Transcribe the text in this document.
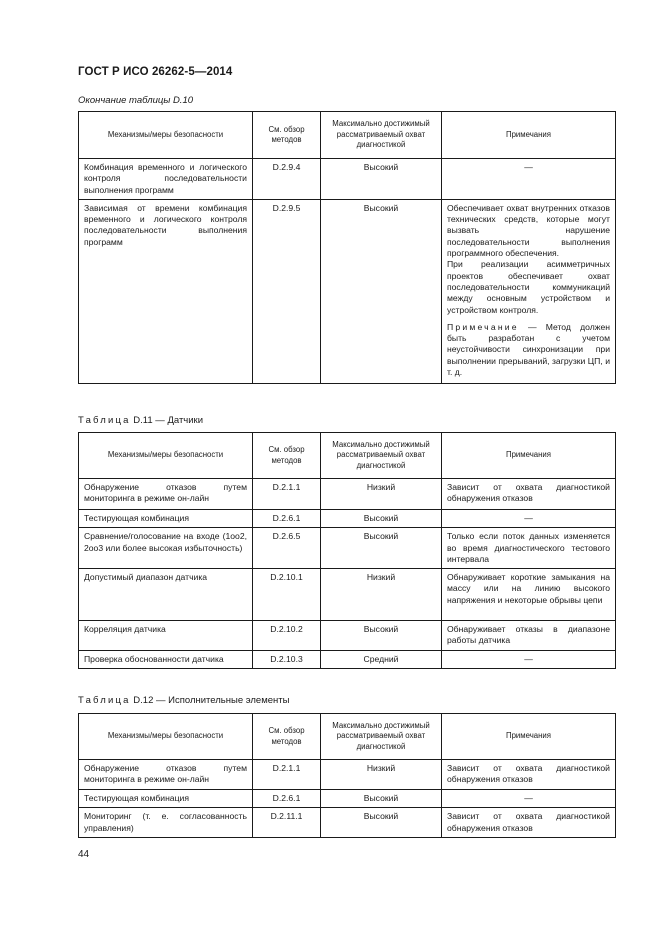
ГОСТ Р ИСО 26262-5—2014
Окончание таблицы D.10
Механизмы/меры безопасности	См. обзор методов	Максимально достижимый рассматриваемый охват диагностикой	Примечания
Комбинация временного и логического контроля последовательности выполнения программ	D.2.9.4	Высокий	—
Зависимая от времени комбинация временного и логического контроля последовательности выполнения программ	D.2.9.5	Высокий	Обеспечивает охват внутренних отказов технических средств, которые могут вызвать нарушение последовательности выполнения программного обеспечения.
При реализации асимметричных проектов обеспечивает охват последовательности коммуникаций между основным устройством и устройством контроля.
Примечание — Метод должен быть разработан с учетом неустойчивости синхронизации при выполнении прерываний, загрузки ЦП, и т. д.
Таблица D.11 — Датчики
Механизмы/меры безопасности	См. обзор методов	Максимально достижимый рассматриваемый охват диагностикой	Примечания
Обнаружение отказов путем мониторинга в режиме он-лайн	D.2.1.1	Низкий	Зависит от охвата диагностикой обнаружения отказов
Тестирующая комбинация	D.2.6.1	Высокий	—
Сравнение/голосование на входе (1oo2, 2oo3 или более высокая избыточность)	D.2.6.5	Высокий	Только если поток данных изменяется во время диагностического тестового интервала
Допустимый диапазон датчика	D.2.10.1	Низкий	Обнаруживает короткие замыкания на массу или на линию высокого напряжения и некоторые обрывы цепи
Корреляция датчика	D.2.10.2	Высокий	Обнаруживает отказы в диапазоне работы датчика
Проверка обоснованности датчика	D.2.10.3	Средний	—
Таблица D.12 — Исполнительные элементы
Механизмы/меры безопасности	См. обзор методов	Максимально достижимый рассматриваемый охват диагностикой	Примечания
Обнаружение отказов путем мониторинга в режиме он-лайн	D.2.1.1	Низкий	Зависит от охвата диагностикой обнаружения отказов
Тестирующая комбинация	D.2.6.1	Высокий	—
Мониторинг (т. е. согласованность управления)	D.2.11.1	Высокий	Зависит от охвата диагностикой обнаружения отказов
44
